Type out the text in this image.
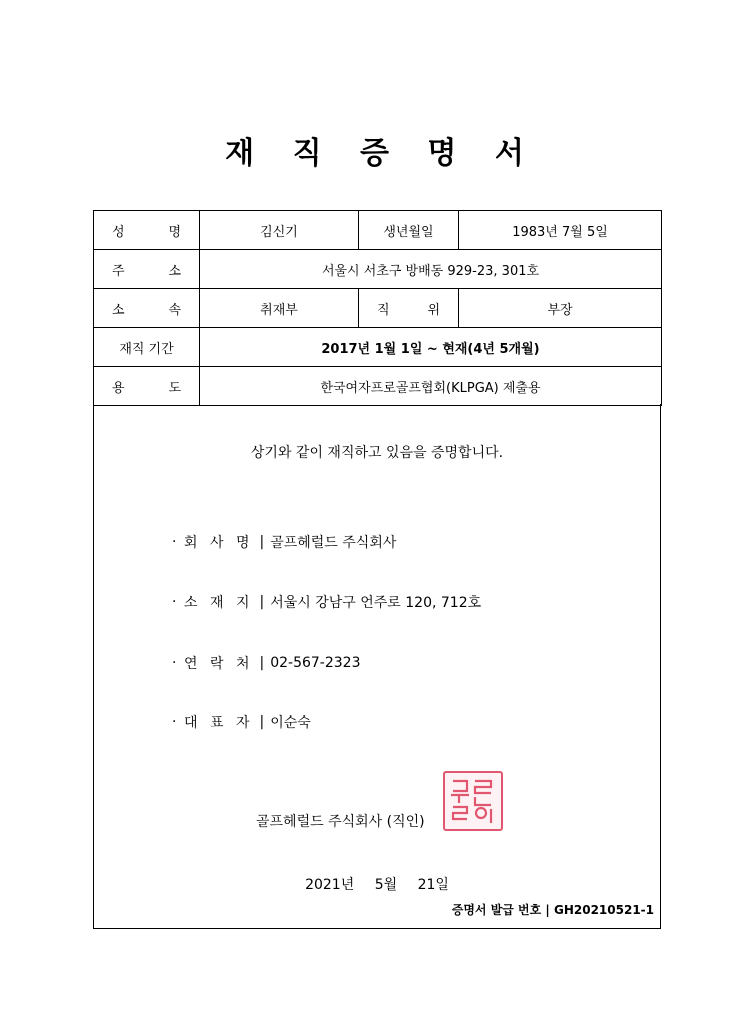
재 직 증 명 서
성 명	김신기	생년월일	1983년 7월 5일

주 소	서울시 서초구 방배동 929-23, 301호		

소 속	취재부	직 위	부장
재직 기간	2017년 1월 1일 ~ 현재(4년 5개월)		

용 도	한국여자프로골프협회(KLPGA) 제출용		
상기와 같이 재직하고 있음을 증명합니다.
· 회 사 명 | 골프헤럴드 주식회사
· 소 재 지 | 서울시 강남구 언주로 120, 712호
· 연 락 처 | 02-567-2323
· 대 표 자 | 이순숙
골프헤럴드 주식회사 (직인)
2021년 5월 21일
증명서 발급 번호 | GH20210521-1
